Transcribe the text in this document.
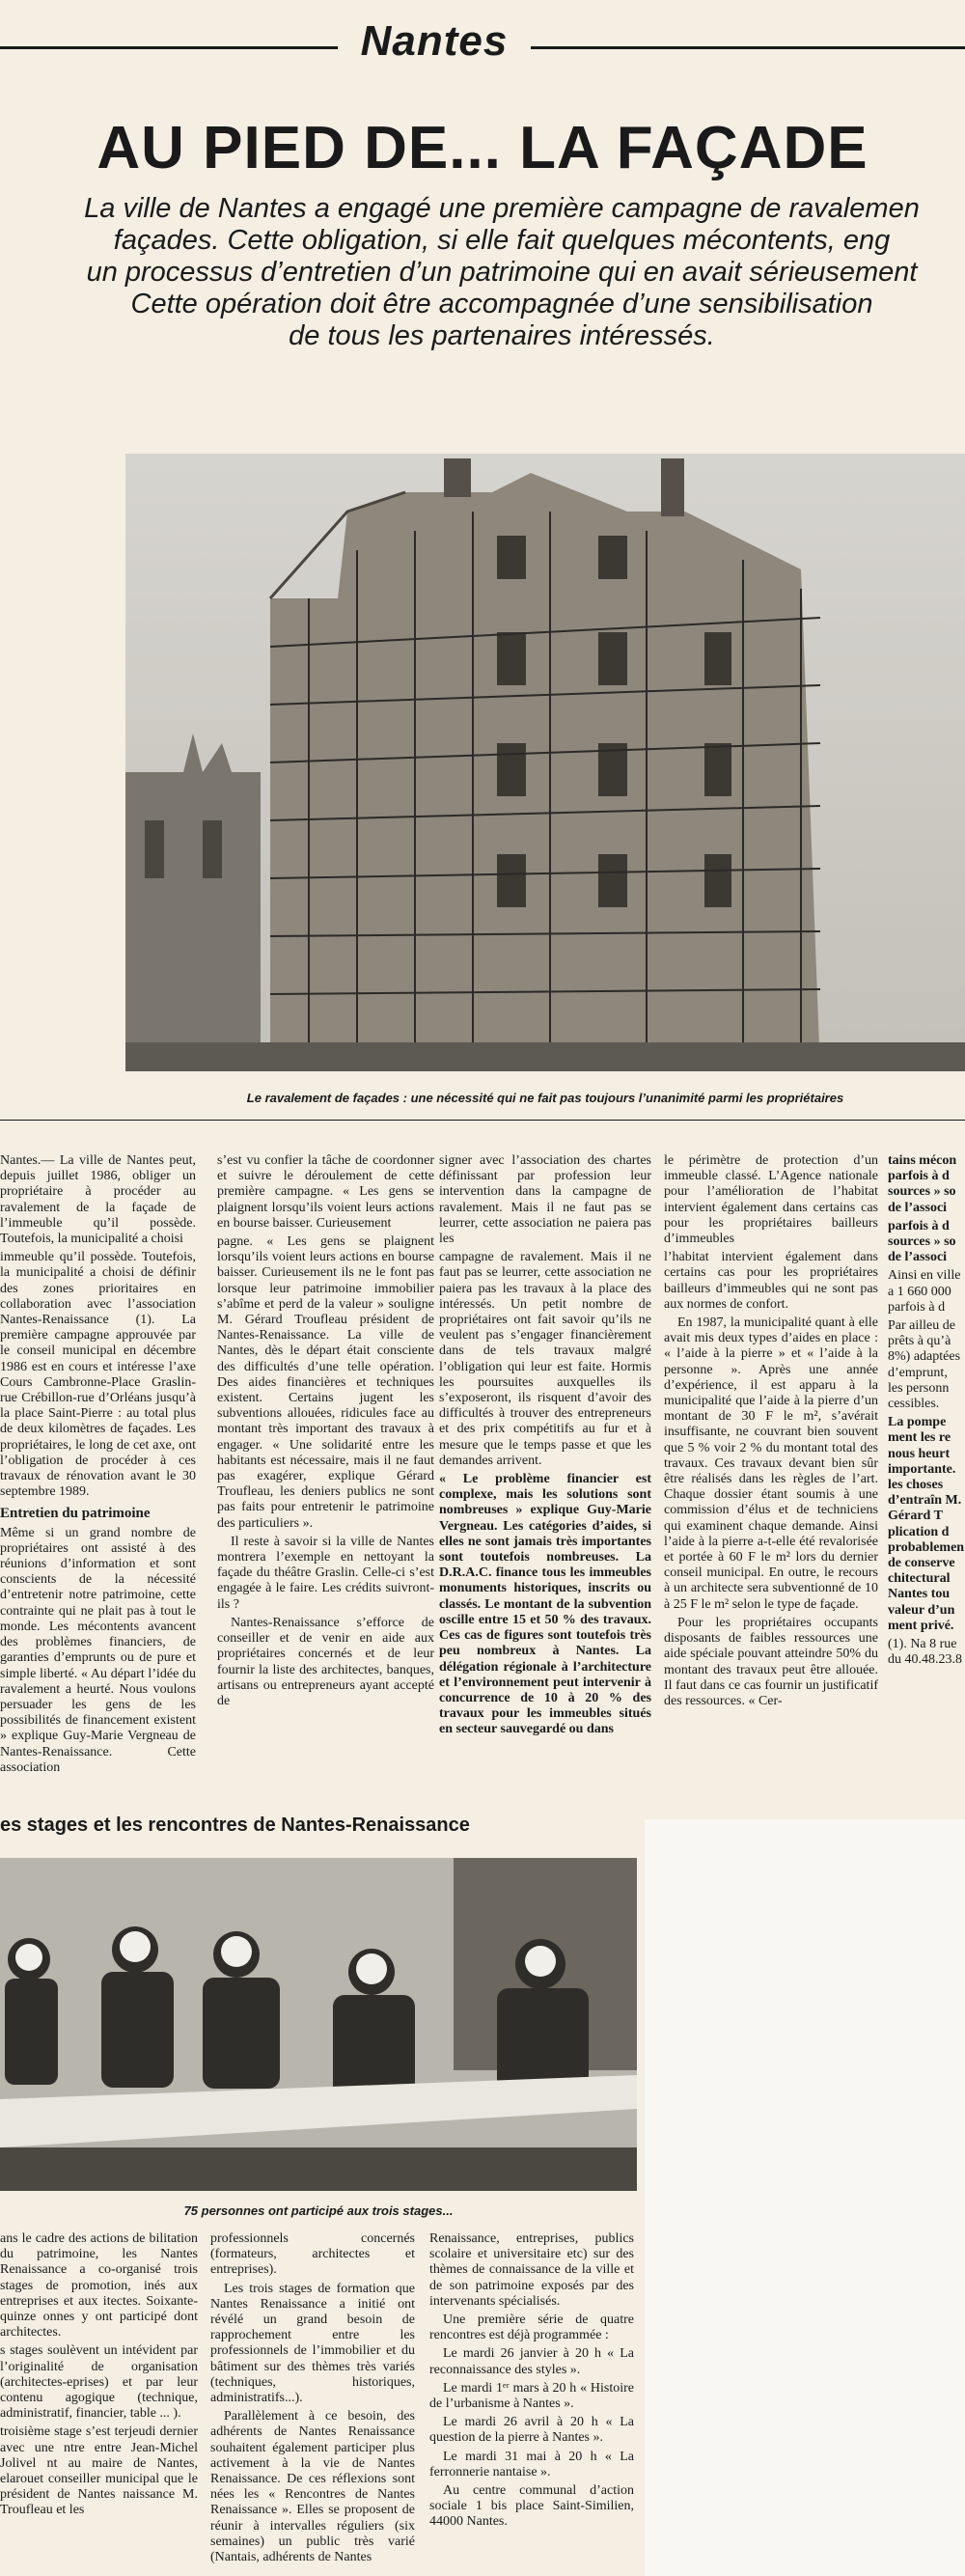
Nantes
AU PIED DE... LA FAÇADE
La ville de Nantes a engagé une première campagne de ravalemen
façades. Cette obligation, si elle fait quelques mécontents, eng
un processus d’entretien d’un patrimoine qui en avait sérieusement
Cette opération doit être accompagnée d’une sensibilisation
de tous les partenaires intéressés.
Le ravalement de façades : une nécessité qui ne fait pas toujours l’unanimité parmi les propriétaires

Nantes.— La ville de Nantes peut, depuis juillet 1986, obliger un propriétaire à procéder au ravalement de la façade de l’immeuble qu’il possède. Toutefois, la municipalité a choisi

immeuble qu’il possède. Toutefois, la municipalité a choisi de définir des zones prioritaires en collaboration avec l’association Nantes-Renaissance (1). La première campagne approuvée par le conseil municipal en décembre 1986 est en cours et intéresse l’axe Cours Cambronne-Place Graslin-rue Crébillon-rue d’Orléans jusqu’à la place Saint-Pierre : au total plus de deux kilomètres de façades. Les propriétaires, le long de cet axe, ont l’obligation de procéder à ces travaux de rénovation avant le 30 septembre 1989.

Entretien du patrimoine

Même si un grand nombre de propriétaires ont assisté à des réunions d’information et sont conscients de la nécessité d’entretenir notre patrimoine, cette contrainte qui ne plait pas à tout le monde. Les mécontents avancent des problèmes financiers, de garanties d’emprunts ou de pure et simple liberté. « Au départ l’idée du ravalement a heurté. Nous voulons persuader les gens de les possibilités de financement existent » explique Guy-Marie Vergneau de Nantes-Renaissance. Cette association

s’est vu confier la tâche de coordonner et suivre le déroulement de cette première campagne. « Les gens se plaignent lorsqu’ils voient leurs actions en bourse baisser. Curieusement

pagne. « Les gens se plaignent lorsqu’ils voient leurs actions en bourse baisser. Curieusement ils ne le font pas lorsque leur patrimoine immobilier s’abîme et perd de la valeur » souligne M. Gérard Troufleau président de Nantes-Renaissance. La ville de Nantes, dès le départ était consciente des difficultés d’une telle opération. Des aides financières et techniques existent. Certains jugent les subventions allouées, ridicules face au montant très important des travaux à engager. « Une solidarité entre les habitants est nécessaire, mais il ne faut pas exagérer, explique Gérard Troufleau, les deniers publics ne sont pas faits pour entretenir le patrimoine des particuliers ».

Il reste à savoir si la ville de Nantes montrera l’exemple en nettoyant la façade du théâtre Graslin. Celle-ci s’est engagée à le faire. Les crédits suivront-ils ?

Nantes-Renaissance s’efforce de conseiller et de venir en aide aux propriétaires concernés et de leur fournir la liste des architectes, banques, artisans ou entrepreneurs ayant accepté de

signer avec l’association des chartes définissant par profession leur intervention dans la campagne de ravalement. Mais il ne faut pas se leurrer, cette association ne paiera pas les

campagne de ravalement. Mais il ne faut pas se leurrer, cette association ne paiera pas les travaux à la place des intéressés. Un petit nombre de propriétaires ont fait savoir qu’ils ne veulent pas s’engager financièrement dans de tels travaux malgré l’obligation qui leur est faite. Hormis les poursuites auxquelles ils s’exposeront, ils risquent d’avoir des difficultés à trouver des entrepreneurs et des prix compétitifs au fur et à mesure que le temps passe et que les demandes arrivent.

« Le problème financier est complexe, mais les solutions sont nombreuses » explique Guy-Marie Vergneau. Les catégories d’aides, si elles ne sont jamais très importantes sont toutefois nombreuses. La D.R.A.C. finance tous les immeubles monuments historiques, inscrits ou classés. Le montant de la subvention oscille entre 15 et 50 % des travaux. Ces cas de figures sont toutefois très peu nombreux à Nantes. La délégation régionale à l’architecture et l’environnement peut intervenir à concurrence de 10 à 20 % des travaux pour les immeubles situés en secteur sauvegardé ou dans

le périmètre de protection d’un immeuble classé. L’Agence nationale pour l’amélioration de l’habitat intervient également dans certains cas pour les propriétaires bailleurs d’immeubles

l’habitat intervient également dans certains cas pour les propriétaires bailleurs d’immeubles qui ne sont pas aux normes de confort.

En 1987, la municipalité quant à elle avait mis deux types d’aides en place : « l’aide à la pierre » et « l’aide à la personne ». Après une année d’expérience, il est apparu à la municipalité que l’aide à la pierre d’un montant de 30 F le m², s’avérait insuffisante, ne couvrant bien souvent que 5 % voir 2 % du montant total des travaux. Ces travaux devant bien sûr être réalisés dans les règles de l’art. Chaque dossier étant soumis à une commission d’élus et de techniciens qui examinent chaque demande. Ainsi l’aide à la pierre a-t-elle été revalorisée et portée à 60 F le m² lors du dernier conseil municipal. En outre, le recours à un architecte sera subventionné de 10 à 25 F le m² selon le type de façade.

Pour les propriétaires occupants disposants de faibles ressources une aide spéciale pouvant atteindre 50% du montant des travaux peut être allouée. Il faut dans ce cas fournir un justificatif des ressources. « Cer-

tains mécon parfois à d sources » so de l’associ

parfois à d sources » so de l’associ

Ainsi en ville a 1 660 000 parfois à d

Par ailleu de prêts à qu’à 8%) adaptées d’emprunt, les personn cessibles.

La pompe ment les re nous heurt importante. les choses d’entraîn M. Gérard T plication d probablemen de conserve chitectural Nantes tou valeur d’un ment privé.

(1). Na 8 rue du 40.48.23.8

es stages et les rencontres de Nantes-Renaissance
75 personnes ont participé aux trois stages...

ans le cadre des actions de bilitation du patrimoine, les Nantes Renaissance a co-organisé trois stages de promotion, inés aux entreprises et aux itectes. Soixante-quinze onnes y ont participé dont architectes.

s stages soulèvent un intévident par l’originalité de organisation (architectes-eprises) et par leur contenu agogique (technique, administratif, financier, table ... ).

troisième stage s’est terjeudi dernier avec une ntre entre Jean-Michel Jolivel nt au maire de Nantes, elarouet conseiller municipal que le président de Nantes naissance M. Troufleau et les

professionnels concernés (formateurs, architectes et entreprises).

Les trois stages de formation que Nantes Renaissance a initié ont révélé un grand besoin de rapprochement entre les professionnels de l’immobilier et du bâtiment sur des thèmes très variés (techniques, historiques, administratifs...).

Parallèlement à ce besoin, des adhérents de Nantes Renaissance souhaitent également participer plus activement à la vie de Nantes Renaissance. De ces réflexions sont nées les « Rencontres de Nantes Renaissance ». Elles se proposent de réunir à intervalles réguliers (six semaines) un public très varié (Nantais, adhérents de Nantes

Renaissance, entreprises, publics scolaire et universitaire etc) sur des thèmes de connaissance de la ville et de son patrimoine exposés par des intervenants spécialisés.

Une première série de quatre rencontres est déjà programmée :

Le mardi 26 janvier à 20 h « La reconnaissance des styles ».

Le mardi 1ᵉʳ mars à 20 h « Histoire de l’urbanisme à Nantes ».

Le mardi 26 avril à 20 h « La question de la pierre à Nantes ».

Le mardi 31 mai à 20 h « La ferronnerie nantaise ».

Au centre communal d’action sociale 1 bis place Saint-Similien, 44000 Nantes.
